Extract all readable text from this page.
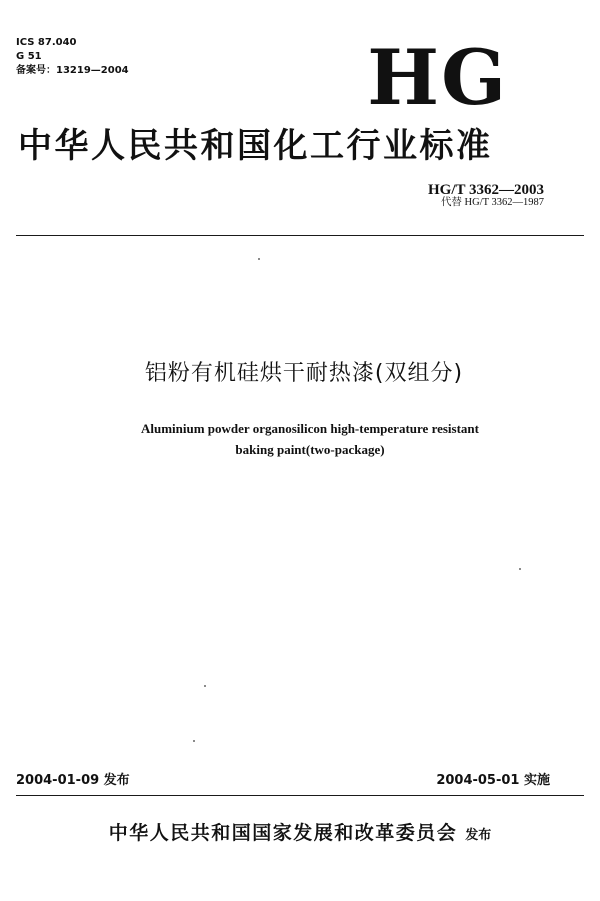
ICS 87.040
G 51
备案号：13219—2004	HG
中华人民共和国化工行业标准
HG/T 3362—2003
代替 HG/T 3362—1987
铝粉有机硅烘干耐热漆(双组分)
Aluminium powder organosilicon high-temperature resistant
baking paint(two-package)
2004-01-09 发布	2004-05-01 实施
中华人民共和国国家发展和改革委员会 发布
